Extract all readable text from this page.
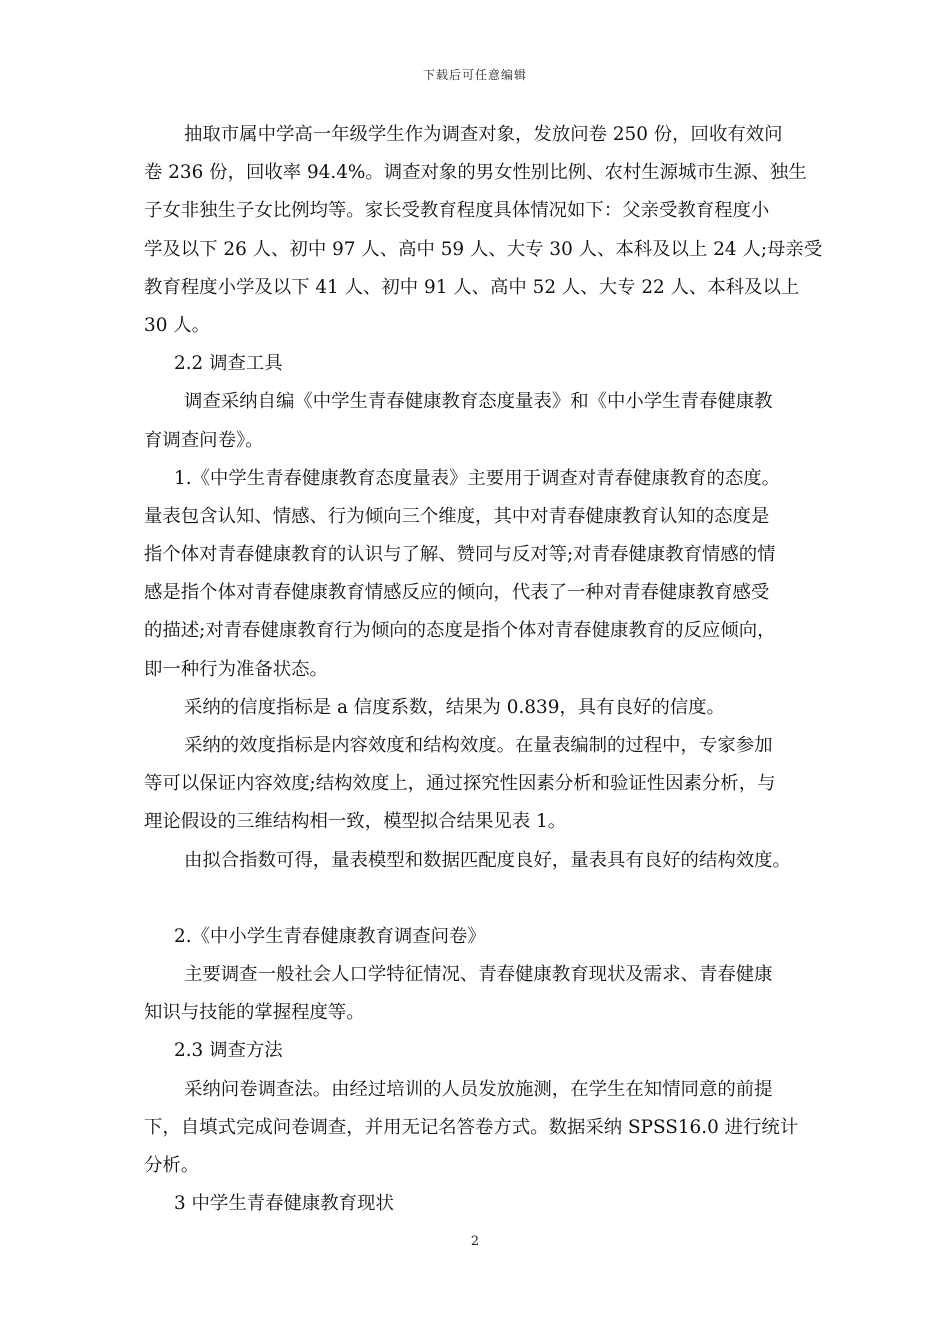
下载后可任意编辑
抽取市属中学高一年级学生作为调查对象，发放问卷 250 份，回收有效问
卷 236 份，回收率 94.4%。调查对象的男女性别比例、农村生源城市生源、独生
子女非独生子女比例均等。家长受教育程度具体情况如下：父亲受教育程度小
学及以下 26 人、初中 97 人、高中 59 人、大专 30 人、本科及以上 24 人;母亲受
教育程度小学及以下 41 人、初中 91 人、高中 52 人、大专 22 人、本科及以上
30 人。
2.2 调查工具
调查采纳自编《中学生青春健康教育态度量表》和《中小学生青春健康教
育调查问卷》。
1.《中学生青春健康教育态度量表》主要用于调查对青春健康教育的态度。
量表包含认知、情感、行为倾向三个维度，其中对青春健康教育认知的态度是
指个体对青春健康教育的认识与了解、赞同与反对等;对青春健康教育情感的情
感是指个体对青春健康教育情感反应的倾向，代表了一种对青春健康教育感受
的描述;对青春健康教育行为倾向的态度是指个体对青春健康教育的反应倾向，
即一种行为准备状态。
采纳的信度指标是 a 信度系数，结果为 0.839，具有良好的信度。
采纳的效度指标是内容效度和结构效度。在量表编制的过程中，专家参加
等可以保证内容效度;结构效度上，通过探究性因素分析和验证性因素分析，与
理论假设的三维结构相一致，模型拟合结果见表 1。
由拟合指数可得，量表模型和数据匹配度良好，量表具有良好的结构效度。
2.《中小学生青春健康教育调查问卷》
主要调查一般社会人口学特征情况、青春健康教育现状及需求、青春健康
知识与技能的掌握程度等。
2.3 调查方法
采纳问卷调查法。由经过培训的人员发放施测，在学生在知情同意的前提
下，自填式完成问卷调查，并用无记名答卷方式。数据采纳 SPSS16.0 进行统计
分析。
3 中学生青春健康教育现状
2
